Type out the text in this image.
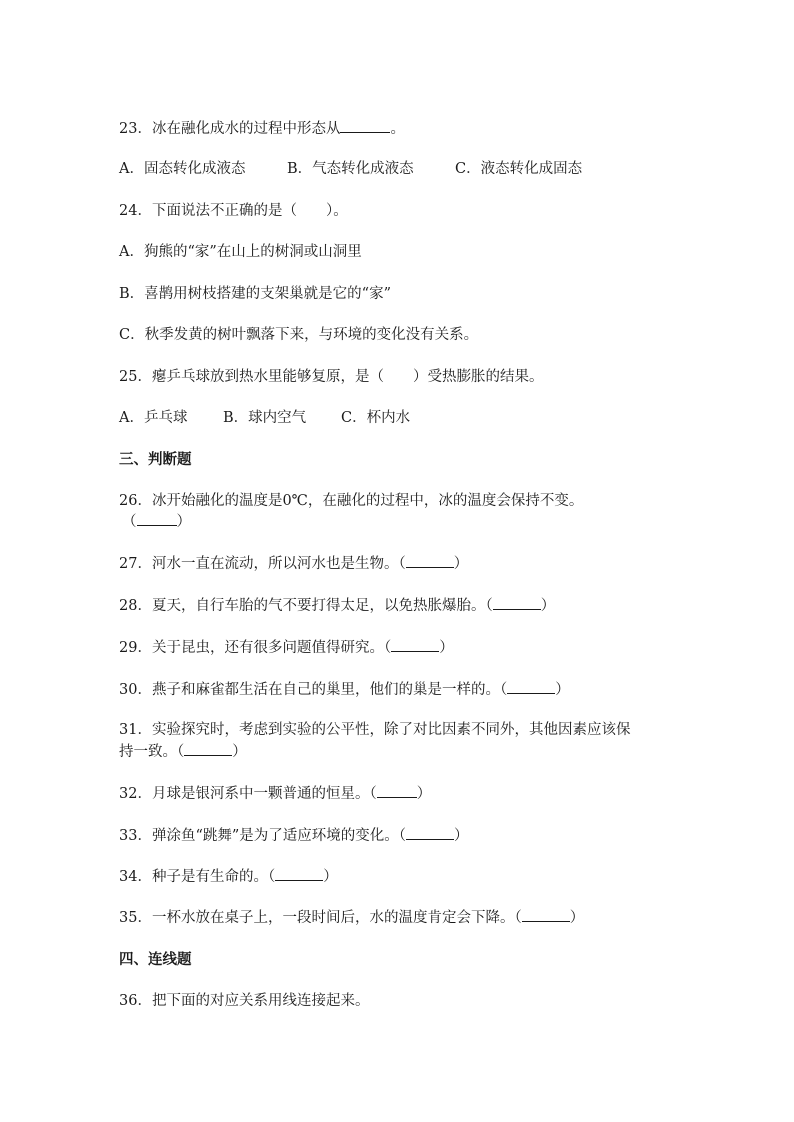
23．冰在融化成水的过程中形态从	。
A．固态转化成液态	B．气态转化成液态	C．液态转化成固态
24．下面说法不正确的是（　　）。
A．狗熊的“家”在山上的树洞或山洞里
B．喜鹊用树枝搭建的支架巢就是它的“家”
C．秋季发黄的树叶飘落下来，与环境的变化没有关系。
25．瘪乒乓球放到热水里能够复原，是（　　）受热膨胀的结果。
A．乒乓球 B．球内空气 C．杯内水
三、判断题
26．冰开始融化的温度是0℃，在融化的过程中，冰的温度会保持不变。
（	）
27．河水一直在流动，所以河水也是生物。（	）
28．夏天，自行车胎的气不要打得太足，以免热胀爆胎。（	）
29．关于昆虫，还有很多问题值得研究。（	）
30．燕子和麻雀都生活在自己的巢里，他们的巢是一样的。（	）
31．实验探究时，考虑到实验的公平性，除了对比因素不同外，其他因素应该保持一致。（	）
32．月球是银河系中一颗普通的恒星。（	）
33．弹涂鱼“跳舞”是为了适应环境的变化。（	）
34．种子是有生命的。（	）
35．一杯水放在桌子上，一段时间后，水的温度肯定会下降。（	）
四、连线题
36．把下面的对应关系用线连接起来。
